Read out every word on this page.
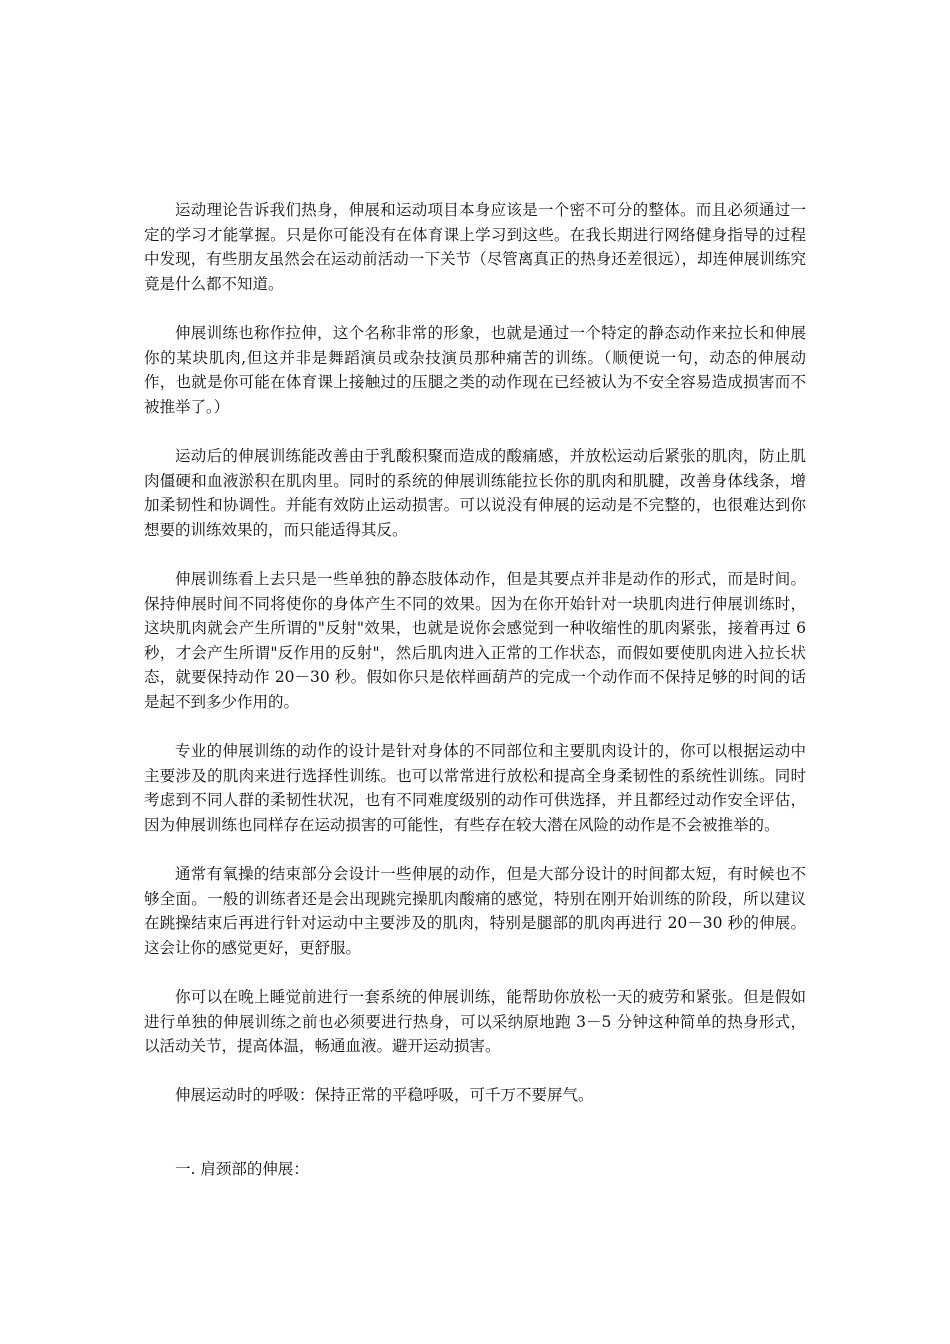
运动理论告诉我们热身，伸展和运动项目本身应该是一个密不可分的整体。而且必须通过一定的学习才能掌握。只是你可能没有在体育课上学习到这些。在我长期进行网络健身指导的过程中发现，有些朋友虽然会在运动前活动一下关节（尽管离真正的热身还差很远），却连伸展训练究竟是什么都不知道。

伸展训练也称作拉伸，这个名称非常的形象，也就是通过一个特定的静态动作来拉长和伸展你的某块肌肉,但这并非是舞蹈演员或杂技演员那种痛苦的训练。（顺便说一句，动态的伸展动作，也就是你可能在体育课上接触过的压腿之类的动作现在已经被认为不安全容易造成损害而不被推举了。）

运动后的伸展训练能改善由于乳酸积聚而造成的酸痛感，并放松运动后紧张的肌肉，防止肌肉僵硬和血液淤积在肌肉里。同时的系统的伸展训练能拉长你的肌肉和肌腱，改善身体线条，增加柔韧性和协调性。并能有效防止运动损害。可以说没有伸展的运动是不完整的，也很难达到你想要的训练效果的，而只能适得其反。

伸展训练看上去只是一些单独的静态肢体动作，但是其要点并非是动作的形式，而是时间。保持伸展时间不同将使你的身体产生不同的效果。因为在你开始针对一块肌肉进行伸展训练时，这块肌肉就会产生所谓的"反射"效果，也就是说你会感觉到一种收缩性的肌肉紧张，接着再过 6 秒，才会产生所谓"反作用的反射"，然后肌肉进入正常的工作状态，而假如要使肌肉进入拉长状态，就要保持动作 20－30 秒。假如你只是依样画葫芦的完成一个动作而不保持足够的时间的话是起不到多少作用的。

专业的伸展训练的动作的设计是针对身体的不同部位和主要肌肉设计的，你可以根据运动中主要涉及的肌肉来进行选择性训练。也可以常常进行放松和提高全身柔韧性的系统性训练。同时考虑到不同人群的柔韧性状况，也有不同难度级别的动作可供选择，并且都经过动作安全评估，因为伸展训练也同样存在运动损害的可能性，有些存在较大潜在风险的动作是不会被推举的。

通常有氧操的结束部分会设计一些伸展的动作，但是大部分设计的时间都太短，有时候也不够全面。一般的训练者还是会出现跳完操肌肉酸痛的感觉，特别在刚开始训练的阶段，所以建议在跳操结束后再进行针对运动中主要涉及的肌肉，特别是腿部的肌肉再进行 20－30 秒的伸展。这会让你的感觉更好，更舒服。

你可以在晚上睡觉前进行一套系统的伸展训练，能帮助你放松一天的疲劳和紧张。但是假如进行单独的伸展训练之前也必须要进行热身，可以采纳原地跑 3－5 分钟这种简单的热身形式，以活动关节，提高体温，畅通血液。避开运动损害。

伸展运动时的呼吸：保持正常的平稳呼吸，可千万不要屏气。

一. 肩颈部的伸展：
